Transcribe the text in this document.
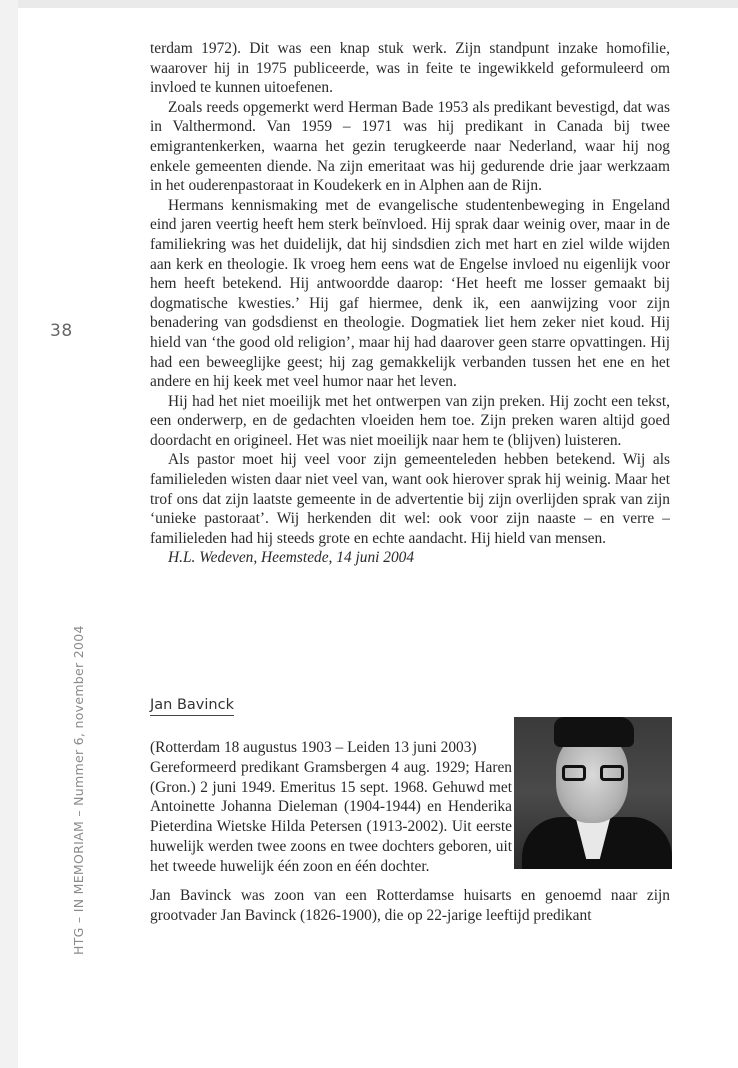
38
HTG – IN MEMORIAM – Nummer 6, november 2004

terdam 1972). Dit was een knap stuk werk. Zijn standpunt inzake homofilie, waarover hij in 1975 publiceerde, was in feite te ingewikkeld geformuleerd om invloed te kunnen uitoefenen.

Zoals reeds opgemerkt werd Herman Bade 1953 als predikant bevestigd, dat was in Valthermond. Van 1959 – 1971 was hij predikant in Canada bij twee emigrantenkerken, waarna het gezin terugkeerde naar Nederland, waar hij nog enkele gemeenten diende. Na zijn emeritaat was hij gedurende drie jaar werkzaam in het ouderenpastoraat in Koudekerk en in Alphen aan de Rijn.

Hermans kennismaking met de evangelische studentenbeweging in Engeland eind jaren veertig heeft hem sterk beïnvloed. Hij sprak daar weinig over, maar in de familiekring was het duidelijk, dat hij sindsdien zich met hart en ziel wilde wijden aan kerk en theologie. Ik vroeg hem eens wat de Engelse invloed nu eigenlijk voor hem heeft betekend. Hij antwoordde daarop: ‘Het heeft me losser gemaakt bij dogmatische kwesties.’ Hij gaf hiermee, denk ik, een aanwijzing voor zijn benadering van godsdienst en theologie. Dogmatiek liet hem zeker niet koud. Hij hield van ‘the good old religion’, maar hij had daarover geen starre opvattingen. Hij had een beweeglijke geest; hij zag gemakkelijk verbanden tussen het ene en het andere en hij keek met veel humor naar het leven.

Hij had het niet moeilijk met het ontwerpen van zijn preken. Hij zocht een tekst, een onderwerp, en de gedachten vloeiden hem toe. Zijn preken waren altijd goed doordacht en origineel. Het was niet moeilijk naar hem te (blijven) luisteren.

Als pastor moet hij veel voor zijn gemeenteleden hebben betekend. Wij als familieleden wisten daar niet veel van, want ook hierover sprak hij weinig. Maar het trof ons dat zijn laatste gemeente in de advertentie bij zijn overlijden sprak van zijn ‘unieke pastoraat’. Wij herkenden dit wel: ook voor zijn naaste – en verre – familieleden had hij steeds grote en echte aandacht. Hij hield van mensen.

H.L. Wedeven, Heemstede, 14 juni 2004

Jan Bavinck

(Rotterdam 18 augustus 1903 – Leiden 13 juni 2003)

Gereformeerd predikant Gramsbergen 4 aug. 1929; Haren (Gron.) 2 juni 1949. Emeritus 15 sept. 1968. Gehuwd met Antoinette Johanna Dieleman (1904-1944) en Henderika Pieterdina Wietske Hilda Petersen (1913-2002). Uit eerste huwelijk werden twee zoons en twee dochters geboren, uit het tweede huwelijk één zoon en één dochter.

Jan Bavinck was zoon van een Rotterdamse huisarts en genoemd naar zijn grootvader Jan Bavinck (1826-1900), die op 22-jarige leeftijd predikant
